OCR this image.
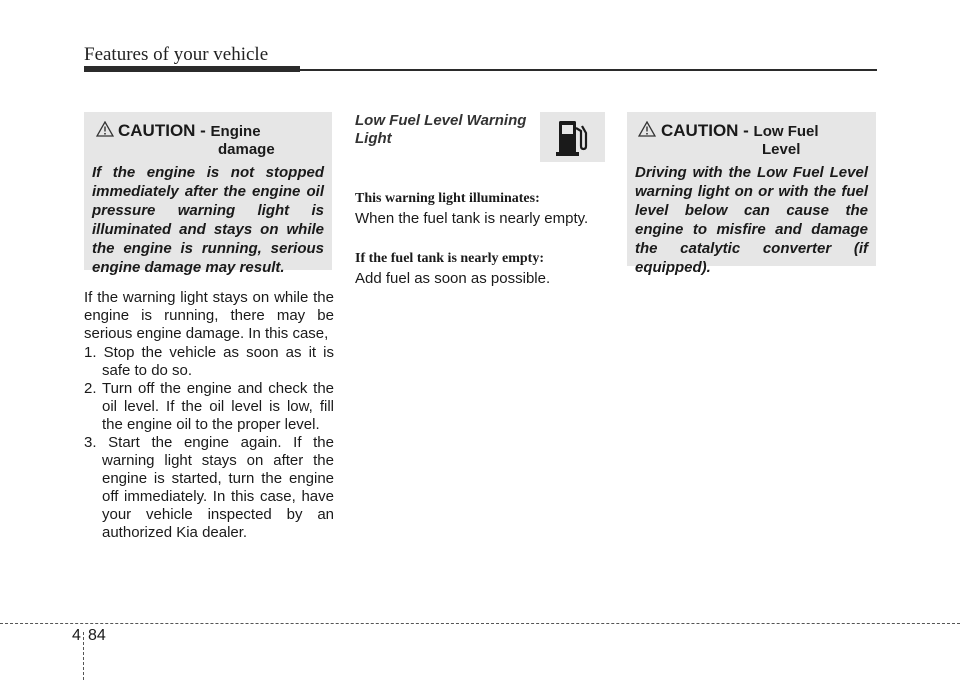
Features of your vehicle
CAUTION - Engine
damage
If the engine is not stopped immediately after the engine oil pressure warning light is illuminated and stays on while the engine is running, serious engine damage may result.
If the warning light stays on while the engine is running, there may be serious engine damage. In this case,
1. Stop the vehicle as soon as it is safe to do so.
2. Turn off the engine and check the oil level. If the oil level is low, fill the engine oil to the proper level.
3. Start the engine again. If the warning light stays on after the engine is started, turn the engine off immediately. In this case, have your vehicle inspected by an authorized Kia dealer.
Low Fuel Level Warning Light
This warning light illuminates:
When the fuel tank is nearly empty.
If the fuel tank is nearly empty:
Add fuel as soon as possible.
CAUTION - Low Fuel
Level
Driving with the Low Fuel Level warning light on or with the fuel level below can cause the engine to misfire and damage the catalytic converter (if equipped).
4 84
